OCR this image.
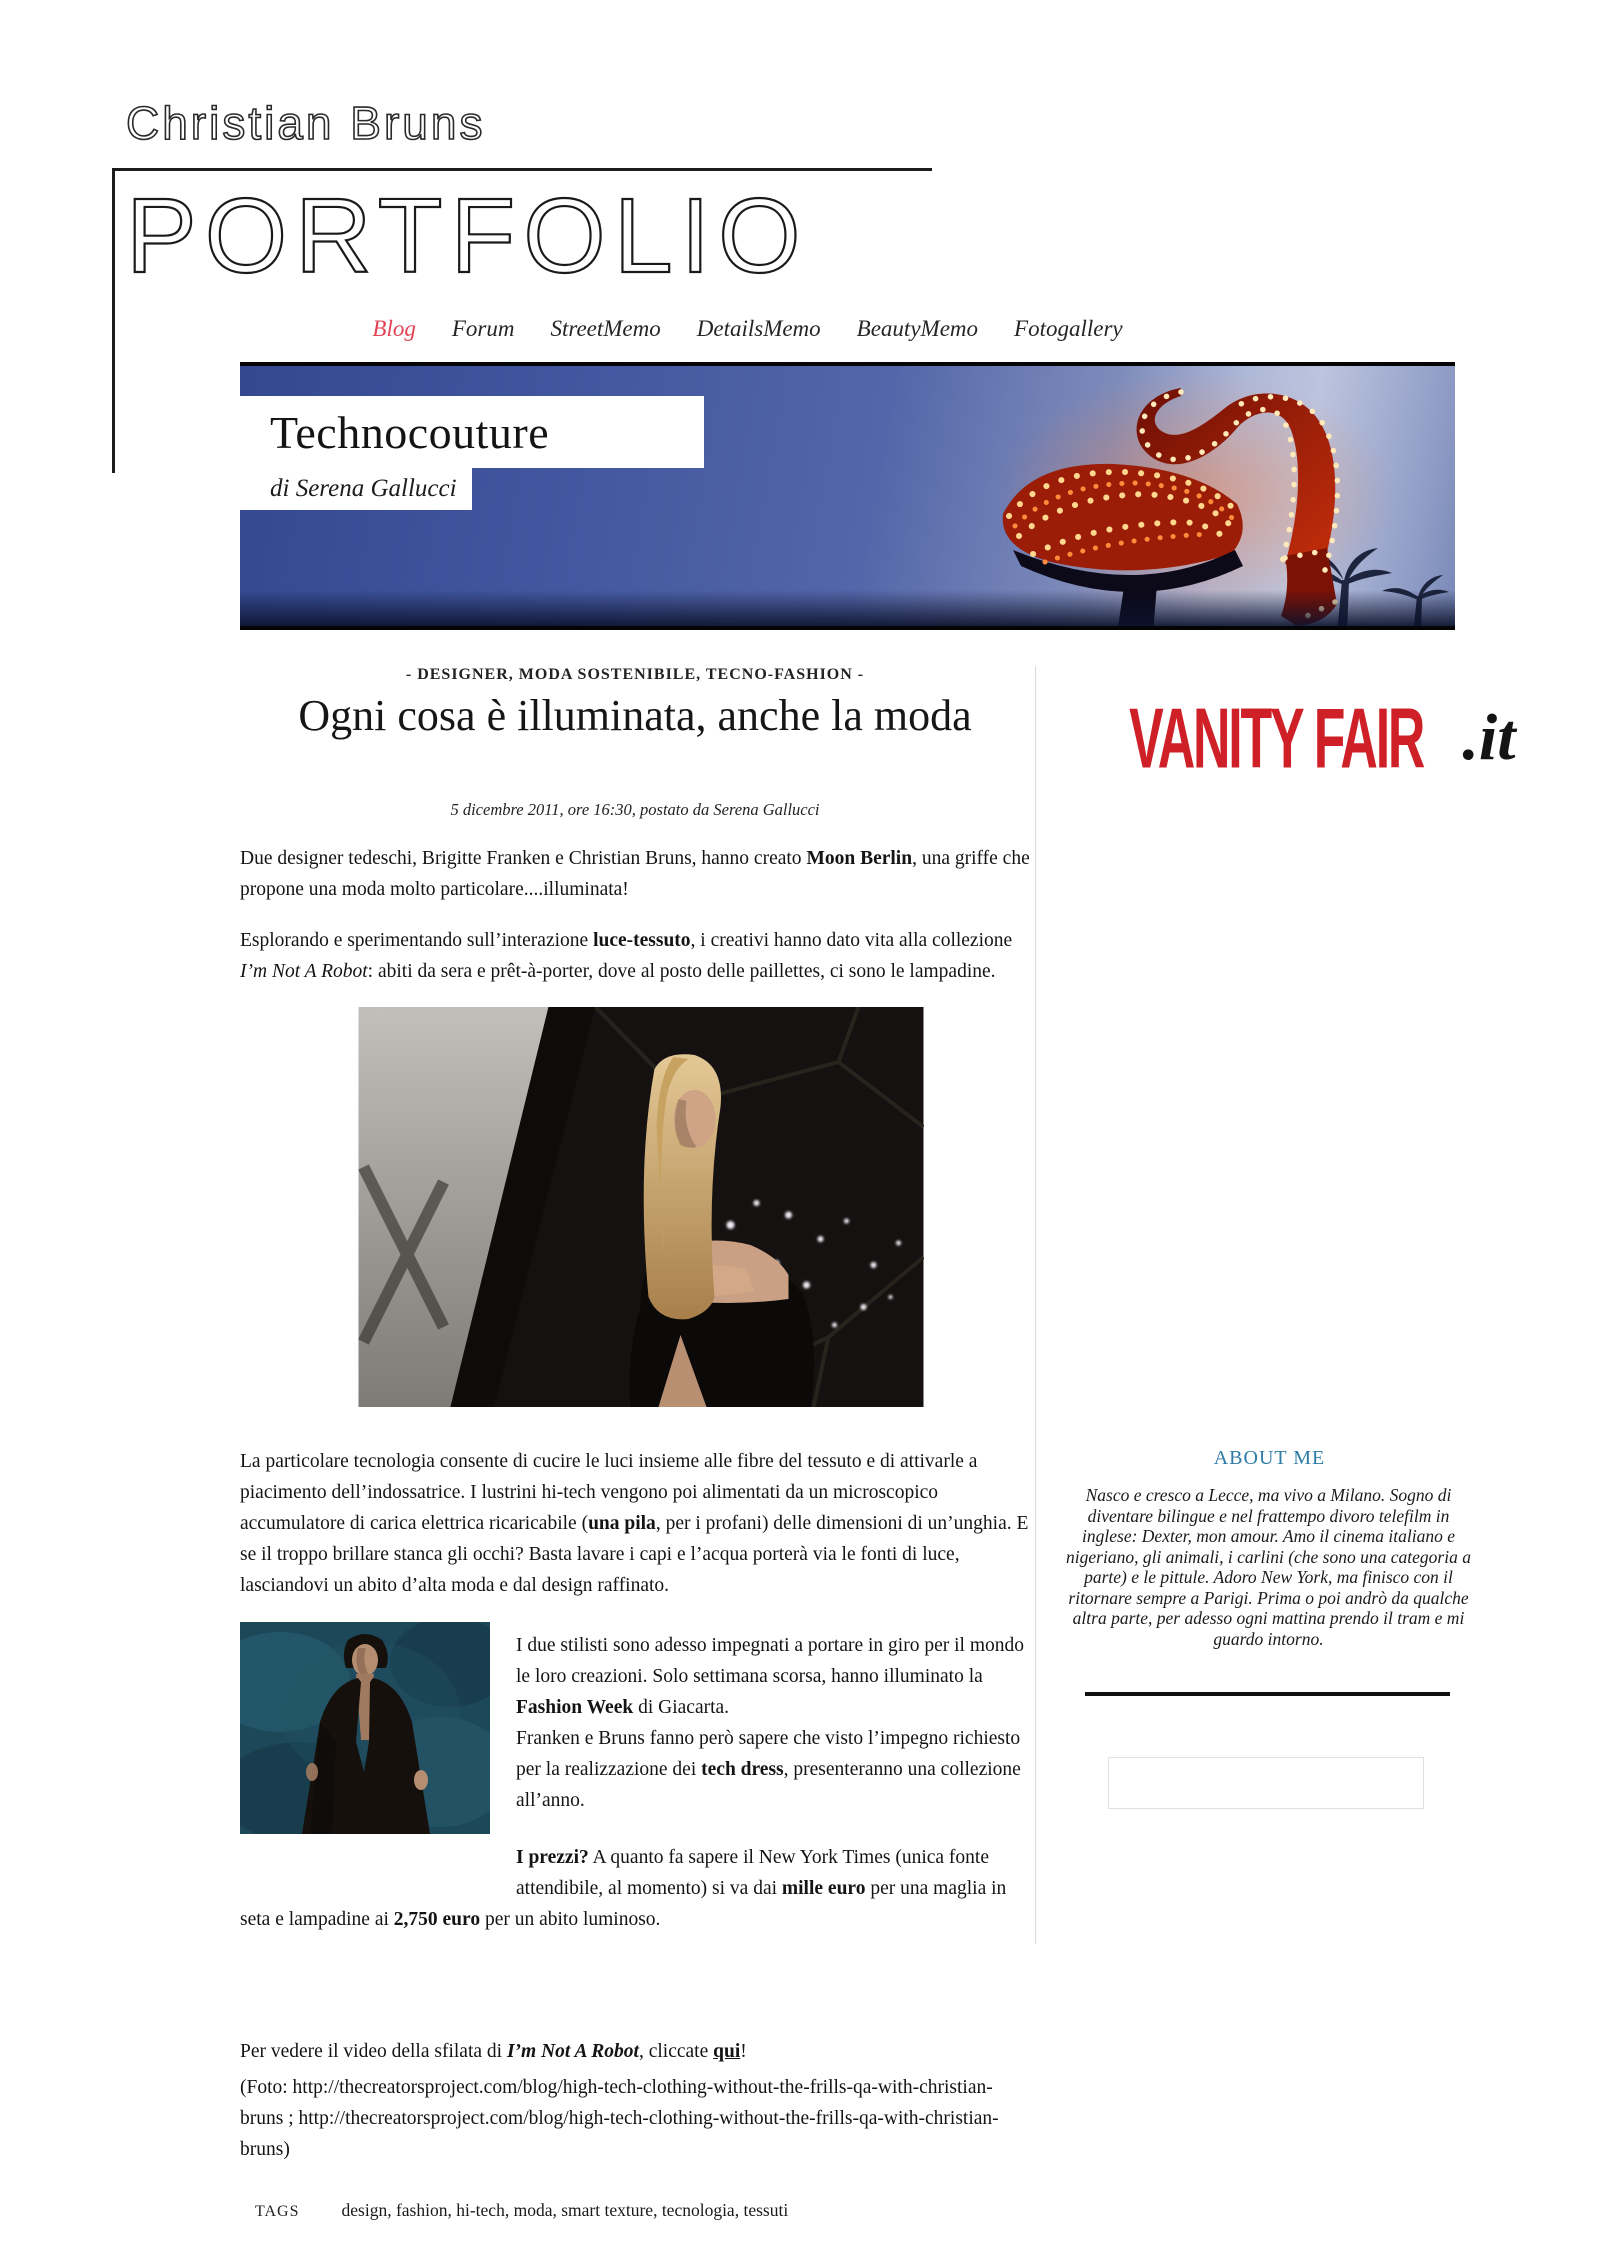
Christian Bruns
PORTFOLIO
Blog Forum StreetMemo DetailsMemo BeautyMemo Fotogallery
Technocouture
di Serena Gallucci
- DESIGNER, MODA SOSTENIBILE, TECNO-FASHION -
Ogni cosa è illuminata, anche la moda
5 dicembre 2011, ore 16:30, postato da Serena Gallucci

Due designer tedeschi, Brigitte Franken e Christian Bruns, hanno creato Moon Berlin, una griffe che propone una moda molto particolare....illuminata!

Esplorando e sperimentando sull’interazione luce-tessuto, i creativi hanno dato vita alla collezione I’m Not A Robot: abiti da sera e prêt-à-porter, dove al posto delle paillettes, ci sono le lampadine.

La particolare tecnologia consente di cucire le luci insieme alle fibre del tessuto e di attivarle a piacimento dell’indossatrice. I lustrini hi-tech vengono poi alimentati da un microscopico accumulatore di carica elettrica ricaricabile (una pila, per i profani) delle dimensioni di un’unghia. E se il troppo brillare stanca gli occhi? Basta lavare i capi e l’acqua porterà via le fonti di luce, lasciandovi un abito d’alta moda e dal design raffinato.

I due stilisti sono adesso impegnati a portare in giro per il mondo le loro creazioni. Solo settimana scorsa, hanno illuminato la Fashion Week di Giacarta.

Franken e Bruns fanno però sapere che visto l’impegno richiesto per la realizzazione dei tech dress, presenteranno una collezione all’anno.

I prezzi? A quanto fa sapere il New York Times (unica fonte attendibile, al momento) si va dai mille euro per una maglia in seta e lampadine ai 2,750 euro per un abito luminoso.

Per vedere il video della sfilata di I’m Not A Robot, cliccate qui!

(Foto: http://thecreatorsproject.com/blog/high-tech-clothing-without-the-frills-qa-with-christian-bruns ; http://thecreatorsproject.com/blog/high-tech-clothing-without-the-frills-qa-with-christian-bruns)

TAGS design, fashion, hi-tech, moda, smart texture, tecnologia, tessuti
VANITY FAIR .it
ABOUT ME
Nasco e cresco a Lecce, ma vivo a Milano. Sogno di diventare bilingue e nel frattempo divoro telefilm in inglese: Dexter, mon amour. Amo il cinema italiano e nigeriano, gli animali, i carlini (che sono una categoria a parte) e le pittule. Adoro New York, ma finisco con il ritornare sempre a Parigi. Prima o poi andrò da qualche altra parte, per adesso ogni mattina prendo il tram e mi guardo intorno.
